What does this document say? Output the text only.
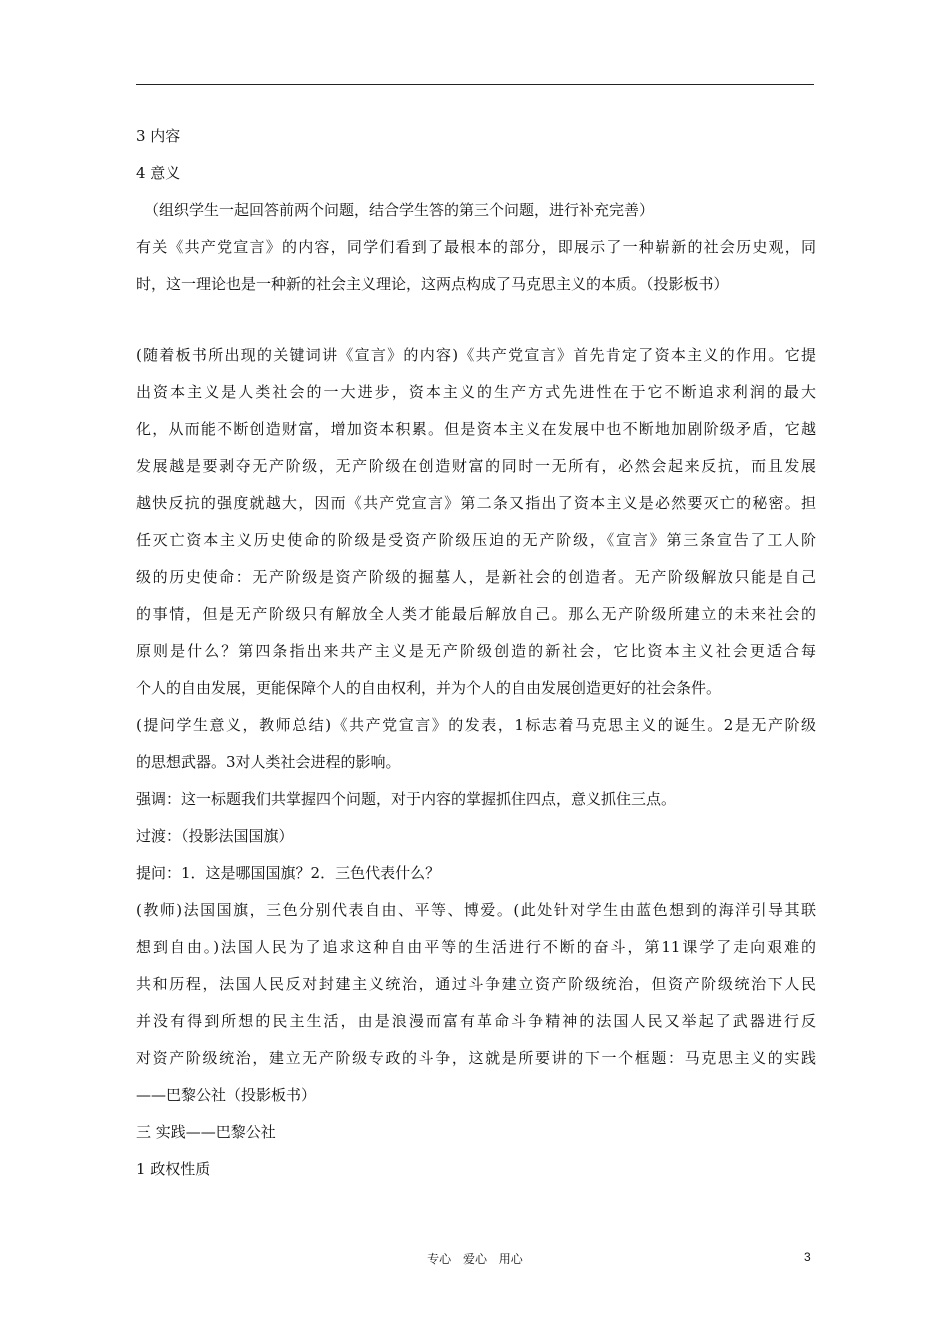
3 内容
4 意义
（组织学生一起回答前两个问题，结合学生答的第三个问题，进行补充完善）
有关《共产党宣言》的内容，同学们看到了最根本的部分，即展示了一种崭新的社会历史观，同
时，这一理论也是一种新的社会主义理论，这两点构成了马克思主义的本质。（投影板书）
(随着板书所出现的关键词讲《宣言》的内容)《共产党宣言》首先肯定了资本主义的作用。它提
出资本主义是人类社会的一大进步，资本主义的生产方式先进性在于它不断追求利润的最大
化，从而能不断创造财富，增加资本积累。但是资本主义在发展中也不断地加剧阶级矛盾，它越
发展越是要剥夺无产阶级，无产阶级在创造财富的同时一无所有，必然会起来反抗，而且发展
越快反抗的强度就越大，因而《共产党宣言》第二条又指出了资本主义是必然要灭亡的秘密。担
任灭亡资本主义历史使命的阶级是受资产阶级压迫的无产阶级，《宣言》第三条宣告了工人阶
级的历史使命：无产阶级是资产阶级的掘墓人，是新社会的创造者。无产阶级解放只能是自己
的事情，但是无产阶级只有解放全人类才能最后解放自己。那么无产阶级所建立的未来社会的
原则是什么？第四条指出来共产主义是无产阶级创造的新社会，它比资本主义社会更适合每
个人的自由发展，更能保障个人的自由权利，并为个人的自由发展创造更好的社会条件。
(提问学生意义，教师总结)《共产党宣言》的发表，1标志着马克思主义的诞生。2是无产阶级
的思想武器。3对人类社会进程的影响。
强调：这一标题我们共掌握四个问题，对于内容的掌握抓住四点，意义抓住三点。
过渡：（投影法国国旗）
提问：1．这是哪国国旗？2．三色代表什么？
(教师)法国国旗，三色分别代表自由、平等、博爱。(此处针对学生由蓝色想到的海洋引导其联
想到自由。)法国人民为了追求这种自由平等的生活进行不断的奋斗，第11课学了走向艰难的
共和历程，法国人民反对封建主义统治，通过斗争建立资产阶级统治，但资产阶级统治下人民
并没有得到所想的民主生活，由是浪漫而富有革命斗争精神的法国人民又举起了武器进行反
对资产阶级统治，建立无产阶级专政的斗争，这就是所要讲的下一个框题：马克思主义的实践
——巴黎公社（投影板书）
三 实践——巴黎公社
1 政权性质
专心 爱心 用心	3
